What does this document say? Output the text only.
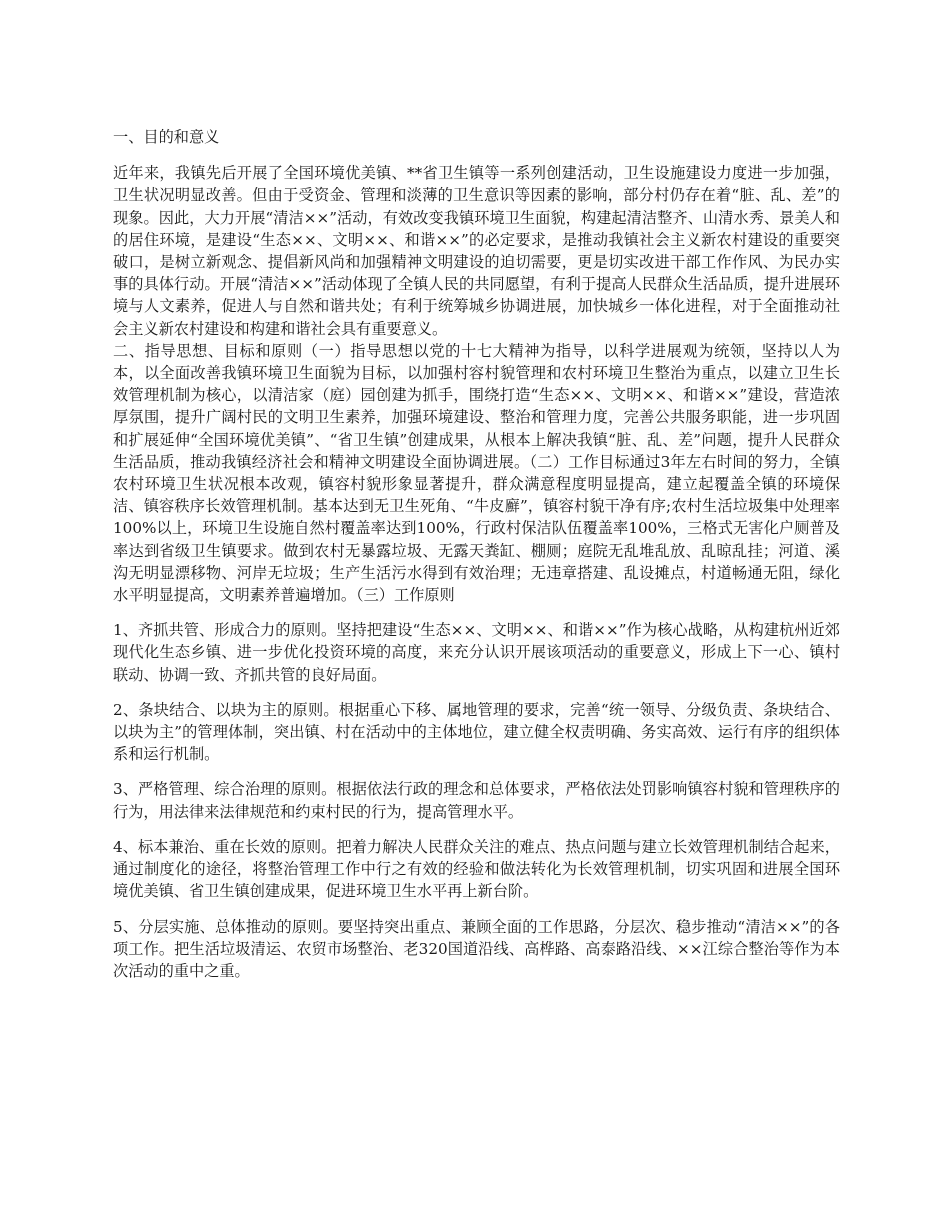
一、目的和意义

近年来，我镇先后开展了全国环境优美镇、**省卫生镇等一系列创建活动，卫生设施建设力度进一步加强，卫生状况明显改善。但由于受资金、管理和淡薄的卫生意识等因素的影响，部分村仍存在着“脏、乱、差”的现象。因此，大力开展“清洁××”活动，有效改变我镇环境卫生面貌，构建起清洁整齐、山清水秀、景美人和的居住环境，是建设“生态××、文明××、和谐××”的必定要求，是推动我镇社会主义新农村建设的重要突破口，是树立新观念、提倡新风尚和加强精神文明建设的迫切需要，更是切实改进干部工作作风、为民办实事的具体行动。开展“清洁××”活动体现了全镇人民的共同愿望，有利于提高人民群众生活品质，提升进展环境与人文素养，促进人与自然和谐共处；有利于统筹城乡协调进展，加快城乡一体化进程，对于全面推动社会主义新农村建设和构建和谐社会具有重要意义。

二、指导思想、目标和原则（一）指导思想以党的十七大精神为指导，以科学进展观为统领，坚持以人为本，以全面改善我镇环境卫生面貌为目标，以加强村容村貌管理和农村环境卫生整治为重点，以建立卫生长效管理机制为核心，以清洁家（庭）园创建为抓手，围绕打造“生态××、文明××、和谐××”建设，营造浓厚氛围，提升广阔村民的文明卫生素养，加强环境建设、整治和管理力度，完善公共服务职能，进一步巩固和扩展延伸“全国环境优美镇”、“省卫生镇”创建成果，从根本上解决我镇“脏、乱、差”问题，提升人民群众生活品质，推动我镇经济社会和精神文明建设全面协调进展。（二）工作目标通过3年左右时间的努力，全镇农村环境卫生状况根本改观，镇容村貌形象显著提升，群众满意程度明显提高，建立起覆盖全镇的环境保洁、镇容秩序长效管理机制。基本达到无卫生死角、“牛皮廯”，镇容村貌干净有序;农村生活垃圾集中处理率100%以上，环境卫生设施自然村覆盖率达到100%，行政村保洁队伍覆盖率100%，三格式无害化户厕普及率达到省级卫生镇要求。做到农村无暴露垃圾、无露天粪缸、棚厕；庭院无乱堆乱放、乱晾乱挂；河道、溪沟无明显漂移物、河岸无垃圾；生产生活污水得到有效治理；无违章搭建、乱设摊点，村道畅通无阻，绿化水平明显提高，文明素养普遍增加。（三）工作原则

1、齐抓共管、形成合力的原则。坚持把建设“生态××、文明××、和谐××”作为核心战略，从构建杭州近郊现代化生态乡镇、进一步优化投资环境的高度，来充分认识开展该项活动的重要意义，形成上下一心、镇村联动、协调一致、齐抓共管的良好局面。

2、条块结合、以块为主的原则。根据重心下移、属地管理的要求，完善“统一领导、分级负责、条块结合、以块为主”的管理体制，突出镇、村在活动中的主体地位，建立健全权责明确、务实高效、运行有序的组织体系和运行机制。

3、严格管理、综合治理的原则。根据依法行政的理念和总体要求，严格依法处罚影响镇容村貌和管理秩序的行为，用法律来法律规范和约束村民的行为，提高管理水平。

4、标本兼治、重在长效的原则。把着力解决人民群众关注的难点、热点问题与建立长效管理机制结合起来，通过制度化的途径，将整治管理工作中行之有效的经验和做法转化为长效管理机制，切实巩固和进展全国环境优美镇、省卫生镇创建成果，促进环境卫生水平再上新台阶。

5、分层实施、总体推动的原则。要坚持突出重点、兼顾全面的工作思路，分层次、稳步推动“清洁××”的各项工作。把生活垃圾清运、农贸市场整治、老320国道沿线、高桦路、高泰路沿线、××江综合整治等作为本次活动的重中之重。
